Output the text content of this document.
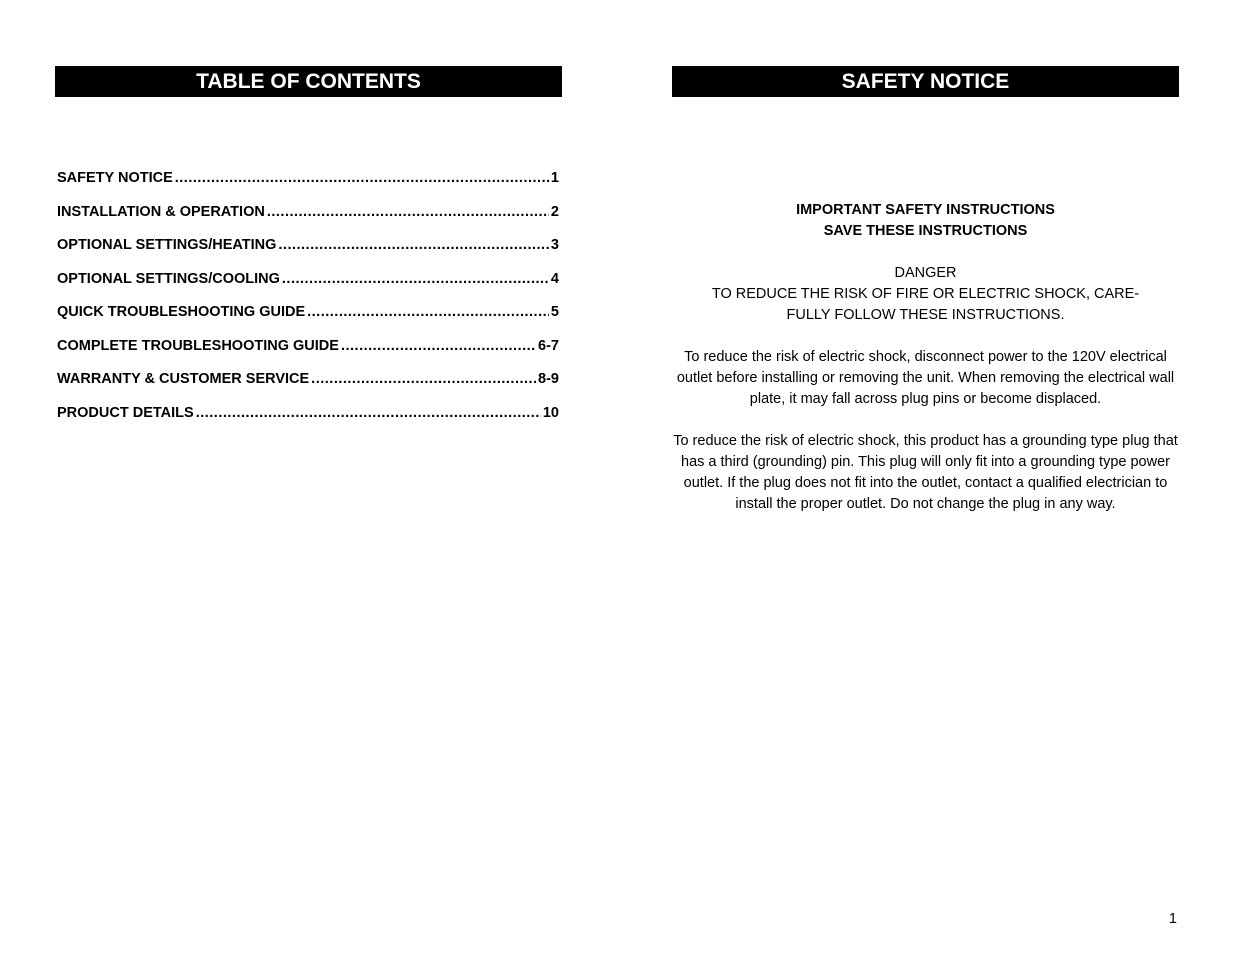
TABLE OF CONTENTS
SAFETY NOTICE .....	1
INSTALLATION & OPERATION .....	2
OPTIONAL SETTINGS/HEATING .....	3
OPTIONAL SETTINGS/COOLING .....	4
QUICK TROUBLESHOOTING GUIDE .....	5
COMPLETE TROUBLESHOOTING GUIDE .....	6-7
WARRANTY & CUSTOMER SERVICE .....	8-9
PRODUCT DETAILS .....	10
SAFETY NOTICE

IMPORTANT SAFETY INSTRUCTIONS

SAVE THESE INSTRUCTIONS

DANGER

TO REDUCE THE RISK OF FIRE OR ELECTRIC SHOCK, CARE-

FULLY FOLLOW THESE INSTRUCTIONS.

To reduce the risk of electric shock, disconnect power to the 120V electrical outlet before installing or removing the unit. When removing the electrical wall plate, it may fall across plug pins or become displaced.

To reduce the risk of electric shock, this product has a grounding type plug that has a third (grounding) pin. This plug will only fit into a grounding type power outlet. If the plug does not fit into the outlet, contact a qualified electrician to install the proper outlet. Do not change the plug in any way.

1
